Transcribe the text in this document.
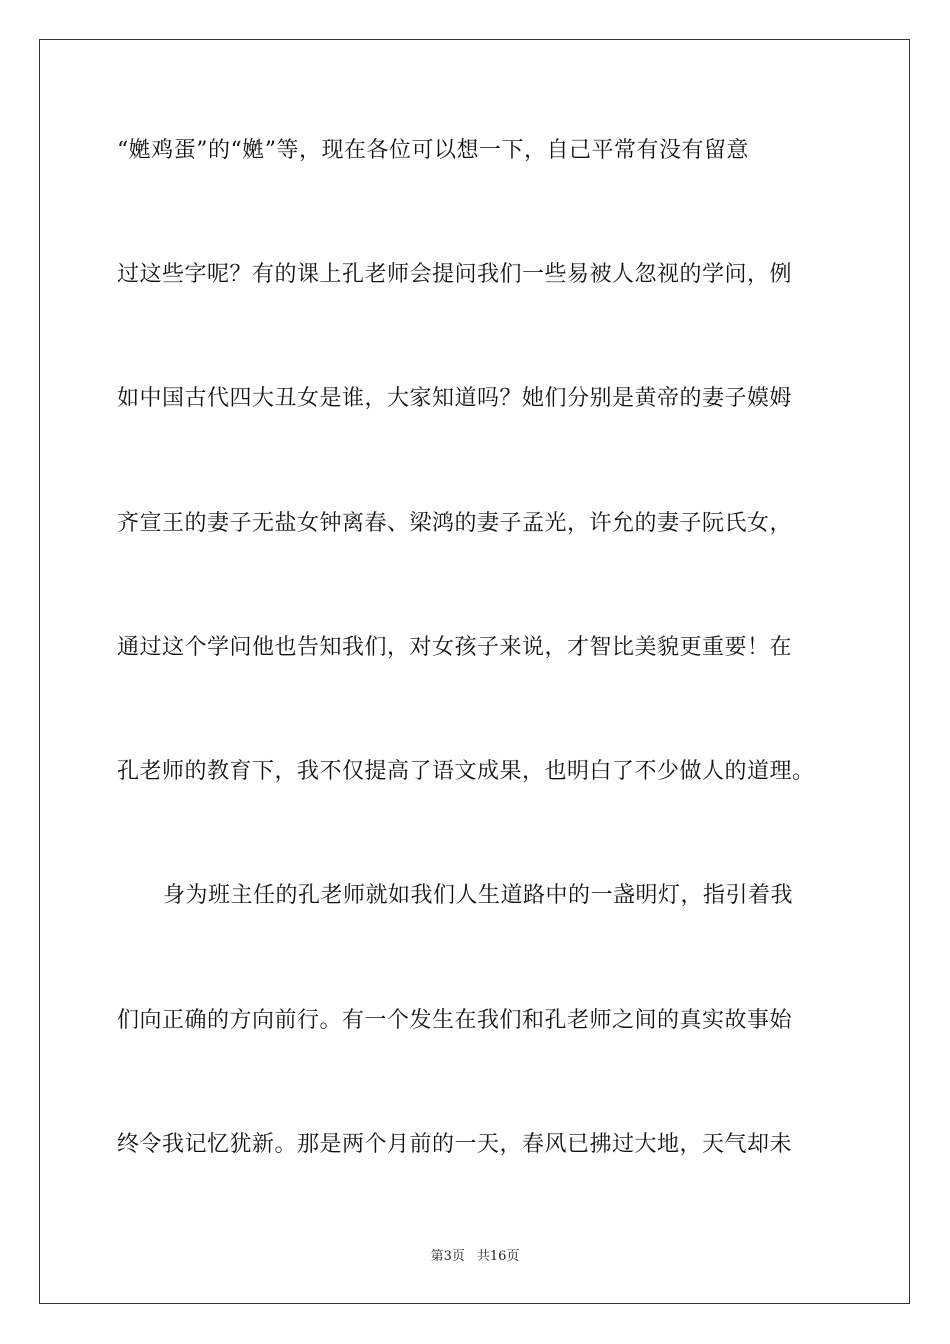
“嬎鸡蛋”的“嬎”等，现在各位可以想一下，自己平常有没有留意
过这些字呢？有的课上孔老师会提问我们一些易被人忽视的学问，例
如中国古代四大丑女是谁，大家知道吗？她们分别是黄帝的妻子嫫姆
齐宣王的妻子无盐女钟离春、梁鸿的妻子孟光，许允的妻子阮氏女，
通过这个学问他也告知我们，对女孩子来说，才智比美貌更重要！在
孔老师的教育下，我不仅提高了语文成果，也明白了不少做人的道理。
身为班主任的孔老师就如我们人生道路中的一盏明灯，指引着我
们向正确的方向前行。有一个发生在我们和孔老师之间的真实故事始
终令我记忆犹新。那是两个月前的一天，春风已拂过大地，天气却未
第3页 共16页
